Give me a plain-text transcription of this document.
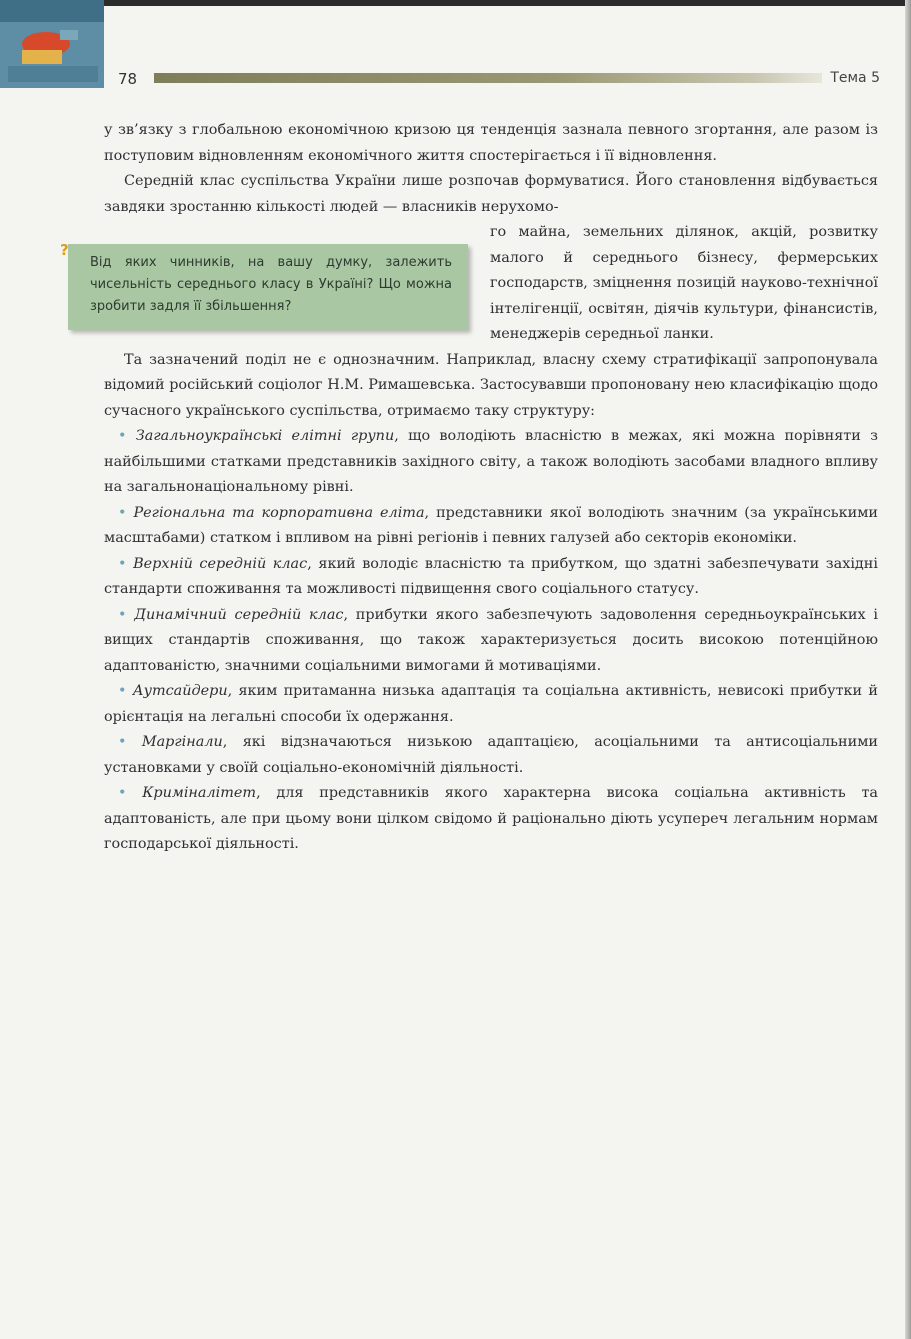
78	Тема 5

у зв’язку з глобальною економічною кризою ця тенденція зазнала певного згортання, але разом із поступовим відновленням економічного життя спостерігається і її відновлення.

Середній клас суспільства України лише розпочав формуватися. Його становлення відбувається завдяки зростанню кількості людей — власників нерухомо-

?
Від яких чинників, на вашу думку, залежить чисельність середнього класу в Україні? Що можна зробити задля її збільшення?

го майна, земельних ділянок, акцій, розвитку малого й середнього бізнесу, фермерських господарств, зміцнення позицій науково-технічної інтелігенції, освітян, діячів культури, фінансистів, менеджерів середньої ланки.

Та зазначений поділ не є однозначним. Наприклад, власну схему стратифікації запропонувала відомий російський соціолог Н.М. Римашевська. Застосувавши пропоновану нею класифікацію щодо сучасного українського суспільства, отримаємо таку структуру:

• Загальноукраїнські елітні групи, що володіють власністю в межах, які можна порівняти з найбільшими статками представників західного світу, а також володіють засобами владного впливу на загальнонаціональному рівні.

• Регіональна та корпоративна еліта, представники якої володіють значним (за українськими масштабами) статком і впливом на рівні регіонів і певних галузей або секторів економіки.

• Верхній середній клас, який володіє власністю та прибутком, що здатні забезпечувати західні стандарти споживання та можливості підвищення свого соціального статусу.

• Динамічний середній клас, прибутки якого забезпечують задоволення середньоукраїнських і вищих стандартів споживання, що також характеризується досить високою потенційною адаптованістю, значними соціальними вимогами й мотиваціями.

• Аутсайдери, яким притаманна низька адаптація та соціальна активність, невисокі прибутки й орієнтація на легальні способи їх одержання.

• Маргінали, які відзначаються низькою адаптацією, асоціальними та антисоціальними установками у своїй соціально-економічній діяльності.

• Криміналітет, для представників якого характерна висока соціальна активність та адаптованість, але при цьому вони цілком свідомо й раціонально діють усупереч легальним нормам господарської діяльності.
